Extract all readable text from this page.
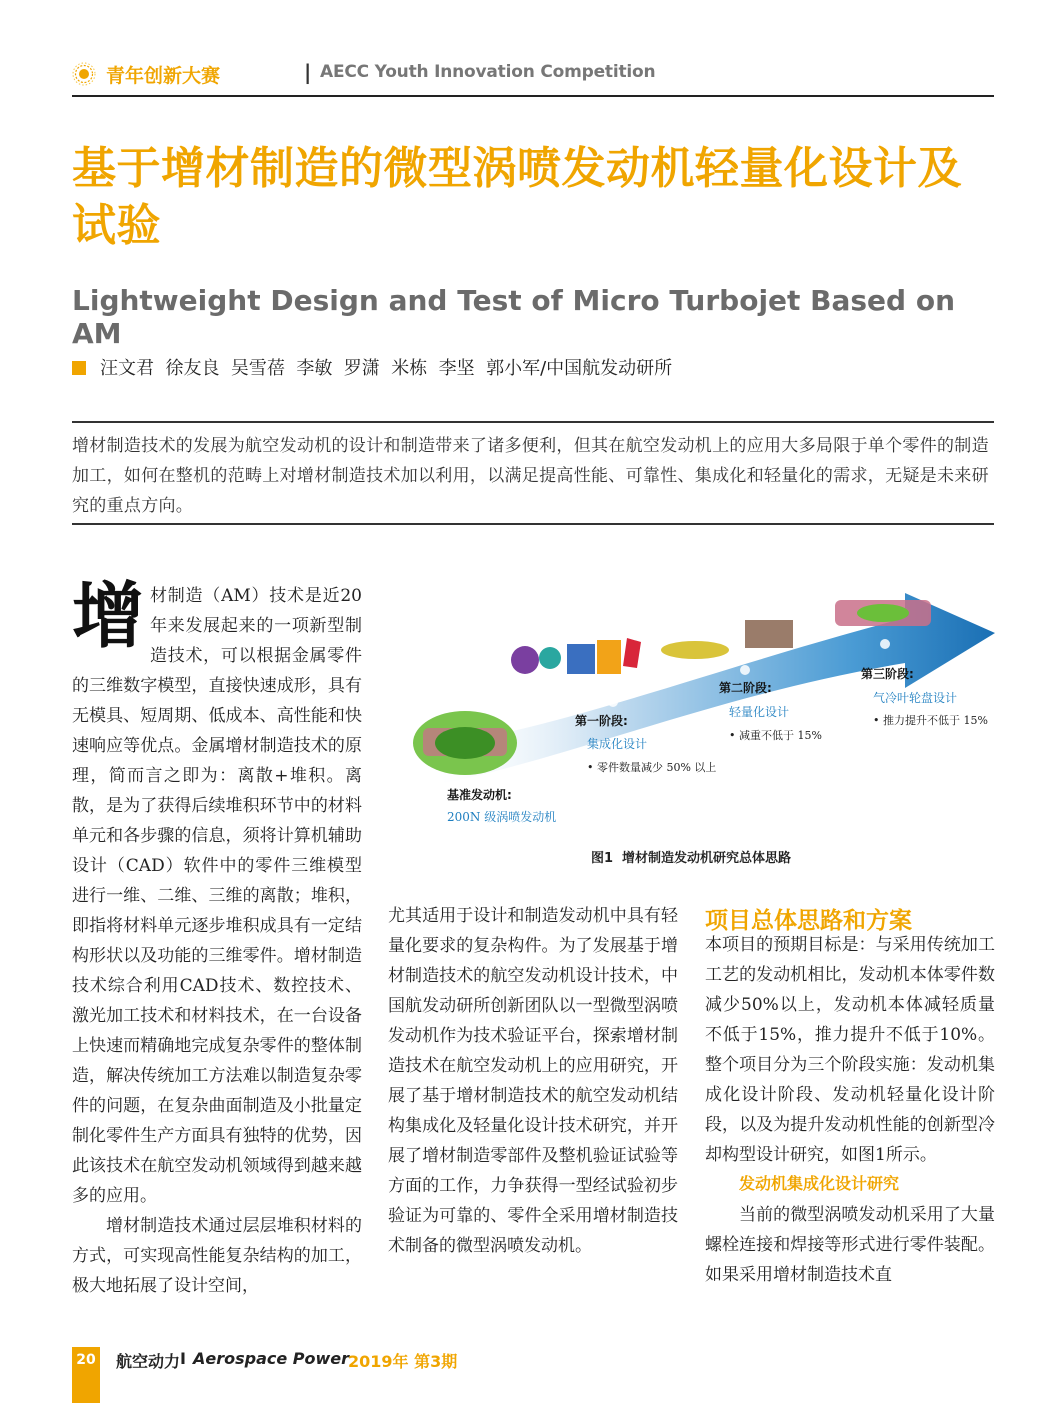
青年创新大赛	| AECC Youth Innovation Competition
基于增材制造的微型涡喷发动机轻量化设计及试验
Lightweight Design and Test of Micro Turbojet Based on AM
汪文君  徐友良  吴雪蓓  李敏  罗潇  米栋  李坚  郭小军/中国航发动研所
增材制造技术的发展为航空发动机的设计和制造带来了诸多便利，但其在航空发动机上的应用大多局限于单个零件的制造加工，如何在整机的范畴上对增材制造技术加以利用，以满足提高性能、可靠性、集成化和轻量化的需求，无疑是未来研究的重点方向。

增材制造（AM）技术是近20年来发展起来的一项新型制造技术，可以根据金属零件的三维数字模型，直接快速成形，具有无模具、短周期、低成本、高性能和快速响应等优点。金属增材制造技术的原理，简而言之即为：离散+堆积。离散，是为了获得后续堆积环节中的材料单元和各步骤的信息，须将计算机辅助设计（CAD）软件中的零件三维模型进行一维、二维、三维的离散；堆积，即指将材料单元逐步堆积成具有一定结构形状以及功能的三维零件。增材制造技术综合利用CAD技术、数控技术、激光加工技术和材料技术，在一台设备上快速而精确地完成复杂零件的整体制造，解决传统加工方法难以制造复杂零件的问题，在复杂曲面制造及小批量定制化零件生产方面具有独特的优势，因此该技术在航空发动机领域得到越来越多的应用。

增材制造技术通过层层堆积材料的方式，可实现高性能复杂结构的加工，极大地拓展了设计空间，

基准发动机:
200N 级涡喷发动机
第一阶段:
集成化设计
• 零件数量减少 50% 以上
第二阶段:
轻量化设计
• 减重不低于 15%
第三阶段:
气冷叶轮盘设计
• 推力提升不低于 15%
图1  增材制造发动机研究总体思路

尤其适用于设计和制造发动机中具有轻量化要求的复杂构件。为了发展基于增材制造技术的航空发动机设计技术，中国航发动研所创新团队以一型微型涡喷发动机作为技术验证平台，探索增材制造技术在航空发动机上的应用研究，开展了基于增材制造技术的航空发动机结构集成化及轻量化设计技术研究，并开展了增材制造零部件及整机验证试验等方面的工作，力争获得一型经试验初步验证为可靠的、零件全采用增材制造技术制备的微型涡喷发动机。

项目总体思路和方案

本项目的预期目标是：与采用传统加工工艺的发动机相比，发动机本体零件数减少50%以上，发动机本体减轻质量不低于15%，推力提升不低于10%。整个项目分为三个阶段实施：发动机集成化设计阶段、发动机轻量化设计阶段，以及为提升发动机性能的创新型冷却构型设计研究，如图1所示。

发动机集成化设计研究

当前的微型涡喷发动机采用了大量螺栓连接和焊接等形式进行零件装配。如果采用增材制造技术直

20 航空动力 I Aerospace Power
2019年 第3期
